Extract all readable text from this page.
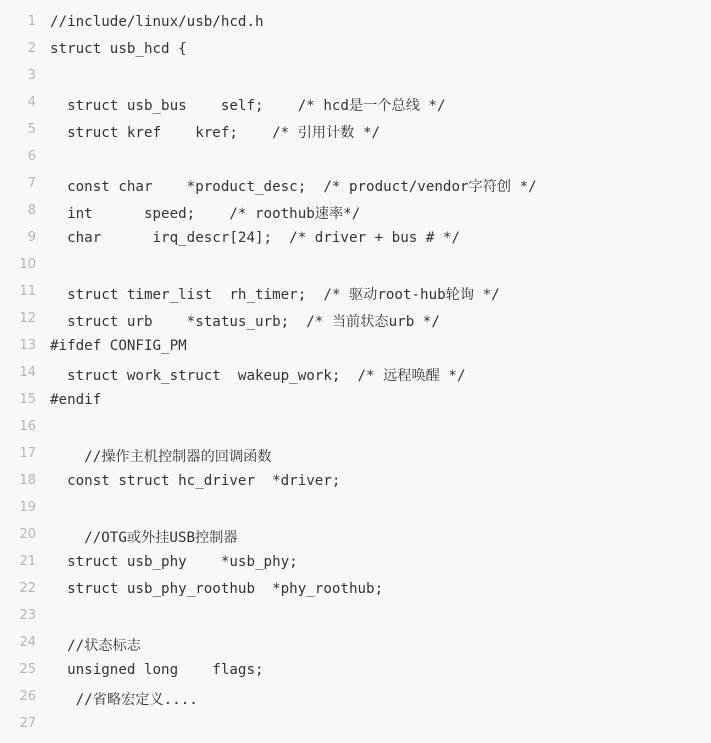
1 //include/linux/usb/hcd.h
2 struct usb_hcd {
3
4 struct usb_bus    self;    /* hcd是一个总线 */
5 struct kref    kref;    /* 引用计数 */
6
7 const char    *product_desc;  /* product/vendor字符创 */
8 int      speed;    /* roothub速率*/
9 char      irq_descr[24];  /* driver + bus # */
10
11 struct timer_list  rh_timer;  /* 驱动root-hub轮询 */
12 struct urb    *status_urb;  /* 当前状态urb */
13 #ifdef CONFIG_PM
14 struct work_struct  wakeup_work;  /* 远程唤醒 */
15 #endif
16
17 //操作主机控制器的回调函数
18 const struct hc_driver  *driver;
19
20 //OTG或外挂USB控制器
21 struct usb_phy    *usb_phy;
22 struct usb_phy_roothub  *phy_roothub;
23
24 //状态标志
25 unsigned long    flags;
26 //省略宏定义....
27
